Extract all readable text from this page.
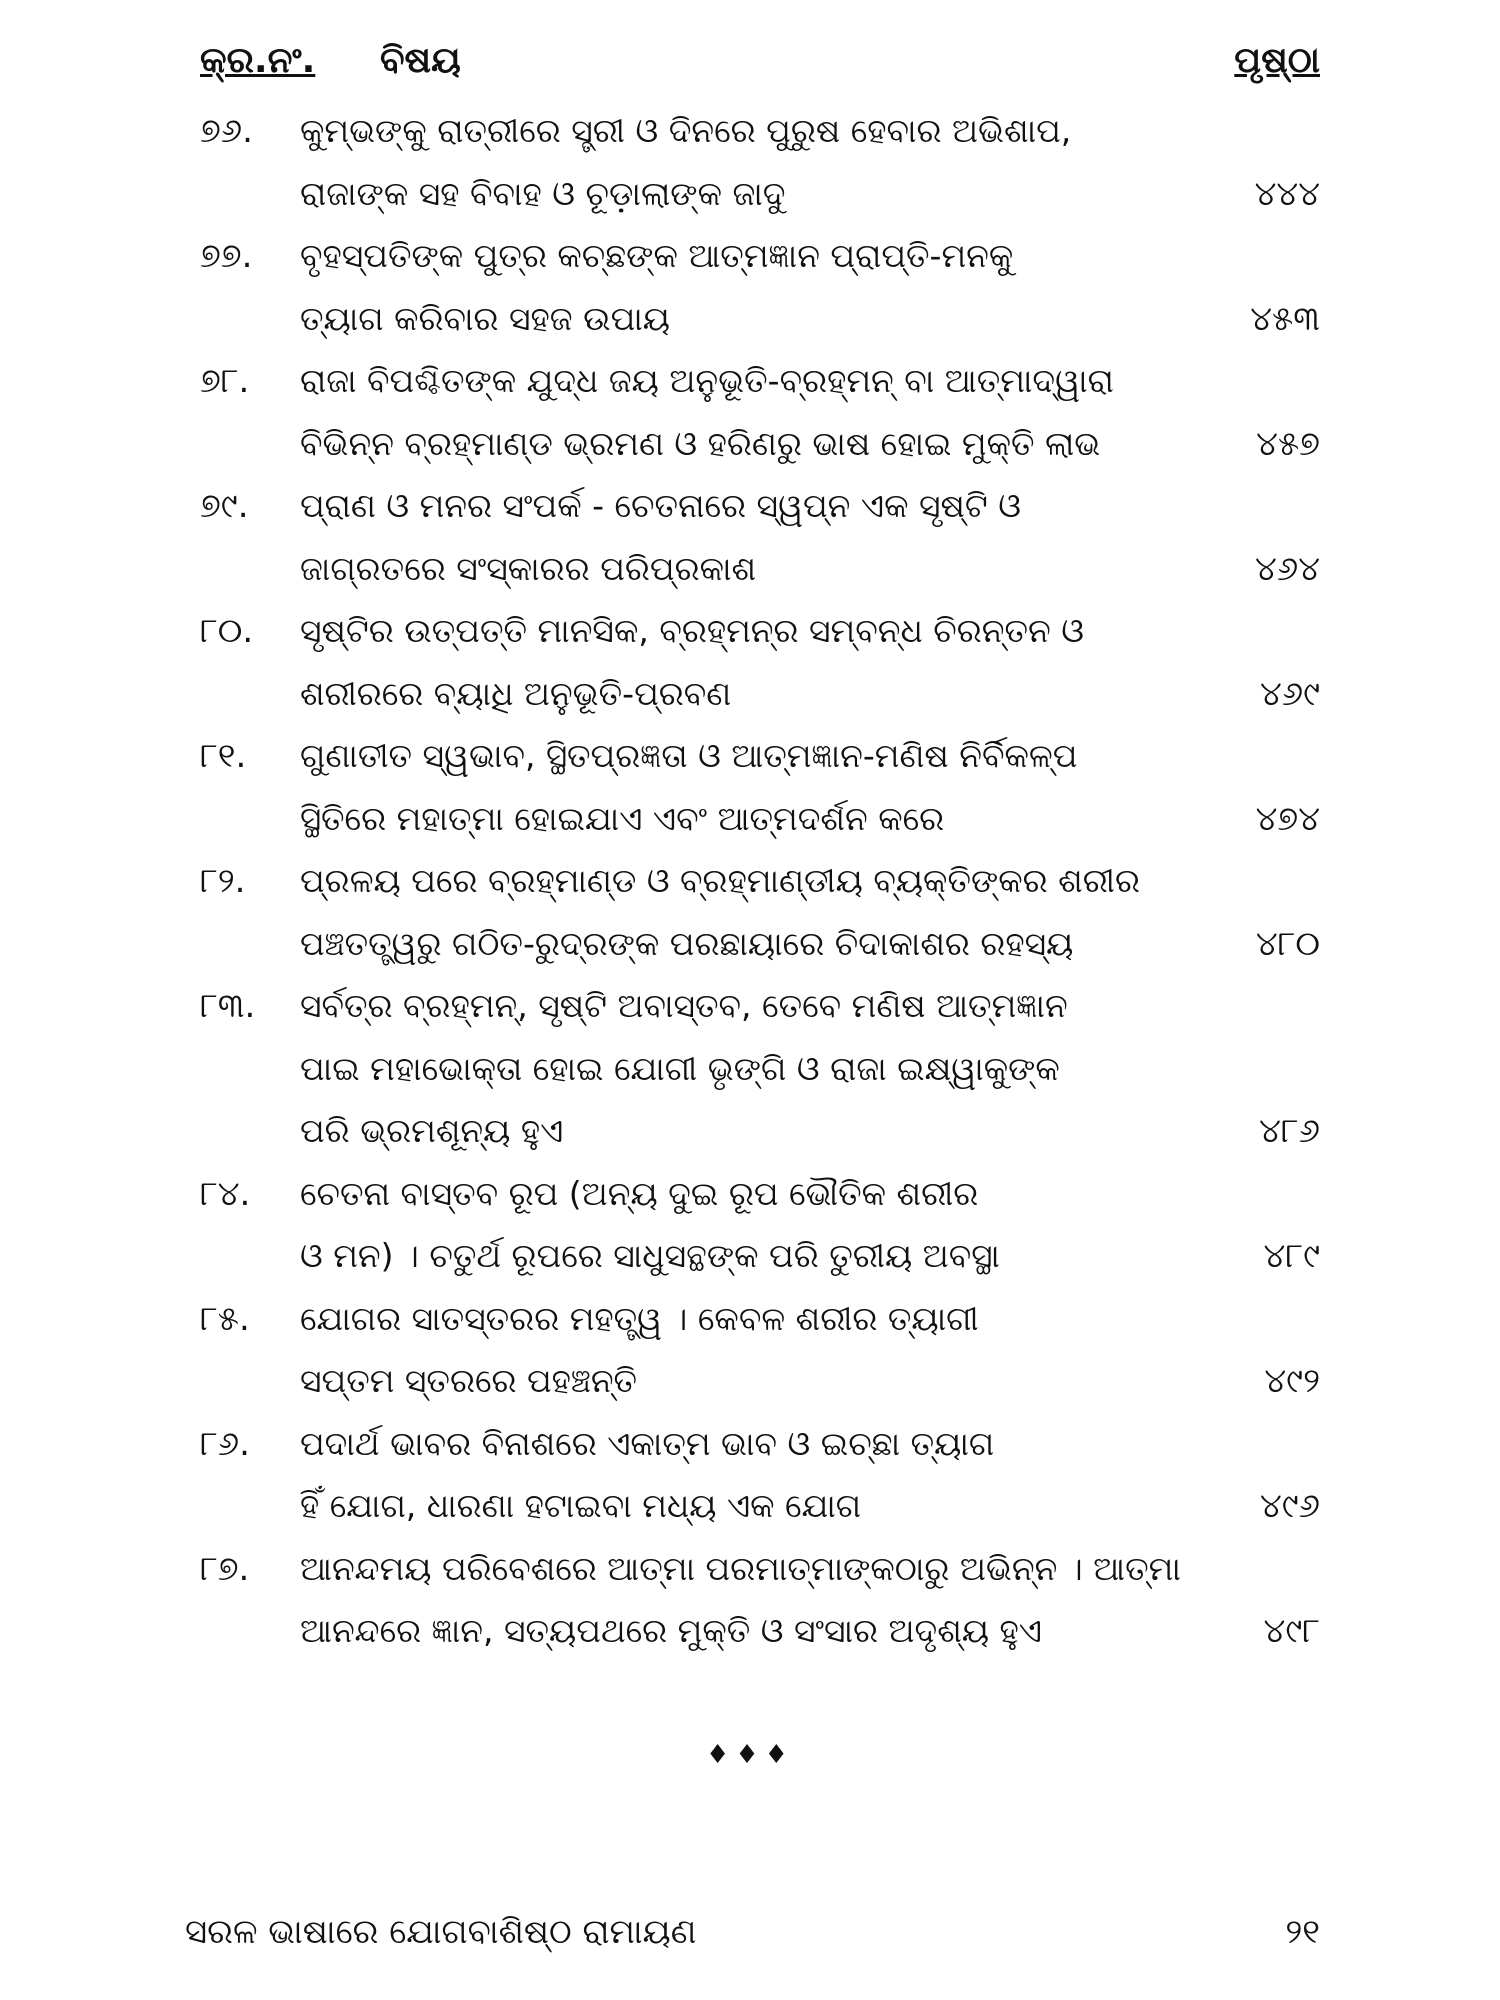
କ୍ର.ନଂ. ବିଷୟ	ପୃଷ୍ଠା
୭୬.	କୁମ୍ଭଙ୍କୁ ରାତ୍ରୀରେ ସ୍ତ୍ରୀ ଓ ଦିନରେ ପୁରୁଷ ହେବାର ଅଭିଶାପ,
ରାଜାଙ୍କ ସହ ବିବାହ ଓ ଚୂଡ଼ାଲାଙ୍କ ଜାଦୁ	୪୪୪
୭୭.	ବୃହସ୍ପତିଙ୍କ ପୁତ୍ର କଚ୍ଛଙ୍କ ଆତ୍ମଜ୍ଞାନ ପ୍ରାପ୍ତି-ମନକୁ
ତ୍ୟାଗ କରିବାର ସହଜ ଉପାୟ	୪୫୩
୭୮.	ରାଜା ବିପଶ୍ଚିତଙ୍କ ଯୁଦ୍ଧ ଜୟ ଅନୁଭୂତି-ବ୍ରହ୍ମନ୍ ବା ଆତ୍ମାଦ୍ୱାରା
ବିଭିନ୍ନ ବ୍ରହ୍ମାଣ୍ଡ ଭ୍ରମଣ ଓ ହରିଣରୁ ଭାଷ ହୋଇ ମୁକ୍ତି ଲାଭ	୪୫୭
୭୯.	ପ୍ରାଣ ଓ ମନର ସଂପର୍କ - ଚେତନାରେ ସ୍ୱପ୍ନ ଏକ ସୃଷ୍ଟି ଓ
ଜାଗ୍ରତରେ ସଂସ୍କାରର ପରିପ୍ରକାଶ	୪୬୪
୮୦.	ସୃଷ୍ଟିର ଉତ୍ପତ୍ତି ମାନସିକ, ବ୍ରହ୍ମନ୍‌ର ସମ୍ବନ୍ଧ ଚିରନ୍ତନ ଓ
ଶରୀରରେ ବ୍ୟାଧି ଅନୁଭୂତି-ପ୍ରବଣ	୪୬୯
୮୧.	ଗୁଣାତୀତ ସ୍ୱଭାବ, ସ୍ଥିତପ୍ରଜ୍ଞତା ଓ ଆତ୍ମଜ୍ଞାନ-ମଣିଷ ନିର୍ବିକଳ୍ପ
ସ୍ଥିତିରେ ମହାତ୍ମା ହୋଇଯାଏ ଏବଂ ଆତ୍ମଦର୍ଶନ କରେ	୪୭୪
୮୨.	ପ୍ରଳୟ ପରେ ବ୍ରହ୍ମାଣ୍ଡ ଓ ବ୍ରହ୍ମାଣ୍ଡୀୟ ବ୍ୟକ୍ତିଙ୍କର ଶରୀର
ପଞ୍ଚତତ୍ତ୍ୱରୁ ଗଠିତ-ରୁଦ୍ରଙ୍କ ପରଛାୟାରେ ଚିଦାକାଶର ରହସ୍ୟ	୪୮୦
୮୩.	ସର୍ବତ୍ର ବ୍ରହ୍ମନ୍, ସୃଷ୍ଟି ଅବାସ୍ତବ, ତେବେ ମଣିଷ ଆତ୍ମଜ୍ଞାନ
ପାଇ ମହାଭୋକ୍ତା ହୋଇ ଯୋଗୀ ଭୃଙ୍ଗି ଓ ରାଜା ଇକ୍ଷ୍ୱାକୁଙ୍କ
ପରି ଭ୍ରମଶୂନ୍ୟ ହୁଏ	୪୮୬
୮୪.	ଚେତନା ବାସ୍ତବ ରୂପ (ଅନ୍ୟ ଦୁଇ ରୂପ ଭୌତିକ ଶରୀର
ଓ ମନ) । ଚତୁର୍ଥ ରୂପରେ ସାଧୁସନ୍ଥଙ୍କ ପରି ତୁରୀୟ ଅବସ୍ଥା	୪୮୯
୮୫.	ଯୋଗର ସାତସ୍ତରର ମହତ୍ତ୍ୱ । କେବଳ ଶରୀର ତ୍ୟାଗୀ
ସପ୍ତମ ସ୍ତରରେ ପହଞ୍ଚନ୍ତି	୪୯୨
୮୬.	ପଦାର୍ଥ ଭାବର ବିନାଶରେ ଏକାତ୍ମ ଭାବ ଓ ଇଚ୍ଛା ତ୍ୟାଗ
ହିଁ ଯୋଗ, ଧାରଣା ହଟାଇବା ମଧ୍ୟ ଏକ ଯୋଗ	୪୯୬
୮୭.	ଆନନ୍ଦମୟ ପରିବେଶରେ ଆତ୍ମା ପରମାତ୍ମାଙ୍କଠାରୁ ଅଭିନ୍ନ । ଆତ୍ମା
ଆନନ୍ଦରେ ଜ୍ଞାନ, ସତ୍ୟପଥରେ ମୁକ୍ତି ଓ ସଂସାର ଅଦୃଶ୍ୟ ହୁଏ	୪୯୮
♦♦♦
ସରଳ ଭାଷାରେ ଯୋଗବାଶିଷ୍ଠ ରାମାୟଣ	୨୧
